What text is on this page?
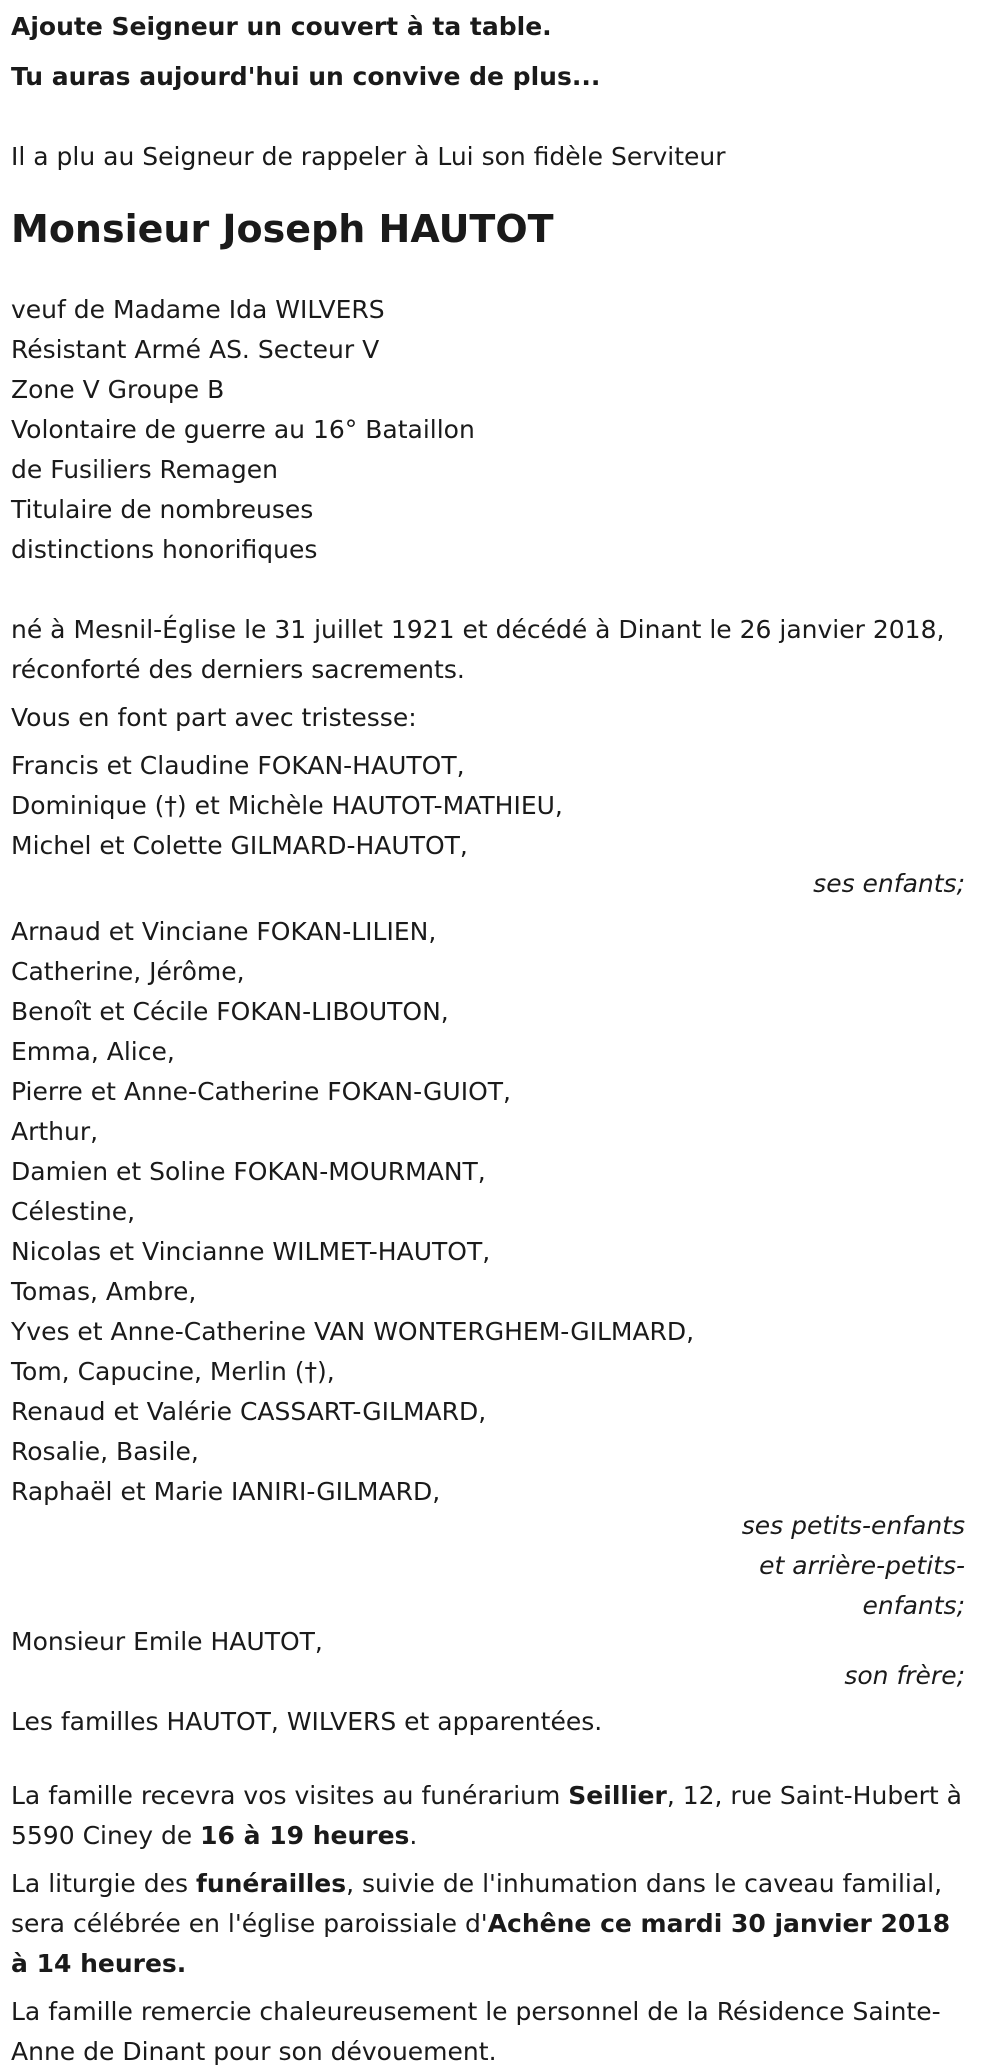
Ajoute Seigneur un couvert à ta table.

Tu auras aujourd'hui un convive de plus...

Il a plu au Seigneur de rappeler à Lui son fidèle Serviteur

Monsieur Joseph HAUTOT
veuf de Madame Ida WILVERS
Résistant Armé AS. Secteur V
Zone V Groupe B
Volontaire de guerre au 16° Bataillon
de Fusiliers Remagen
Titulaire de nombreuses
distinctions honorifiques
né à Mesnil-Église le 31 juillet 1921 et décédé à Dinant le 26 janvier 2018,
réconforté des derniers sacrements.
Vous en font part avec tristesse:
Francis et Claudine FOKAN-HAUTOT,
Dominique (†) et Michèle HAUTOT-MATHIEU,
Michel et Colette GILMARD-HAUTOT,
ses enfants;
Arnaud et Vinciane FOKAN-LILIEN,
Catherine, Jérôme,
Benoît et Cécile FOKAN-LIBOUTON,
Emma, Alice,
Pierre et Anne-Catherine FOKAN-GUIOT,
Arthur,
Damien et Soline FOKAN-MOURMANT,
Célestine,
Nicolas et Vincianne WILMET-HAUTOT,
Tomas, Ambre,
Yves et Anne-Catherine VAN WONTERGHEM-GILMARD,
Tom, Capucine, Merlin (†),
Renaud et Valérie CASSART-GILMARD,
Rosalie, Basile,
Raphaël et Marie IANIRI-GILMARD,
ses petits-enfants
et arrière-petits-
enfants;
Monsieur Emile HAUTOT,
son frère;
Les familles HAUTOT, WILVERS et apparentées.
La famille recevra vos visites au funérarium Seillier, 12, rue Saint-Hubert à 5590 Ciney de 16 à 19 heures.
La liturgie des funérailles, suivie de l'inhumation dans le caveau familial, sera célébrée en l'église paroissiale d'Achêne ce mardi 30 janvier 2018 à 14 heures.
La famille remercie chaleureusement le personnel de la Résidence Sainte-Anne de Dinant pour son dévouement.
